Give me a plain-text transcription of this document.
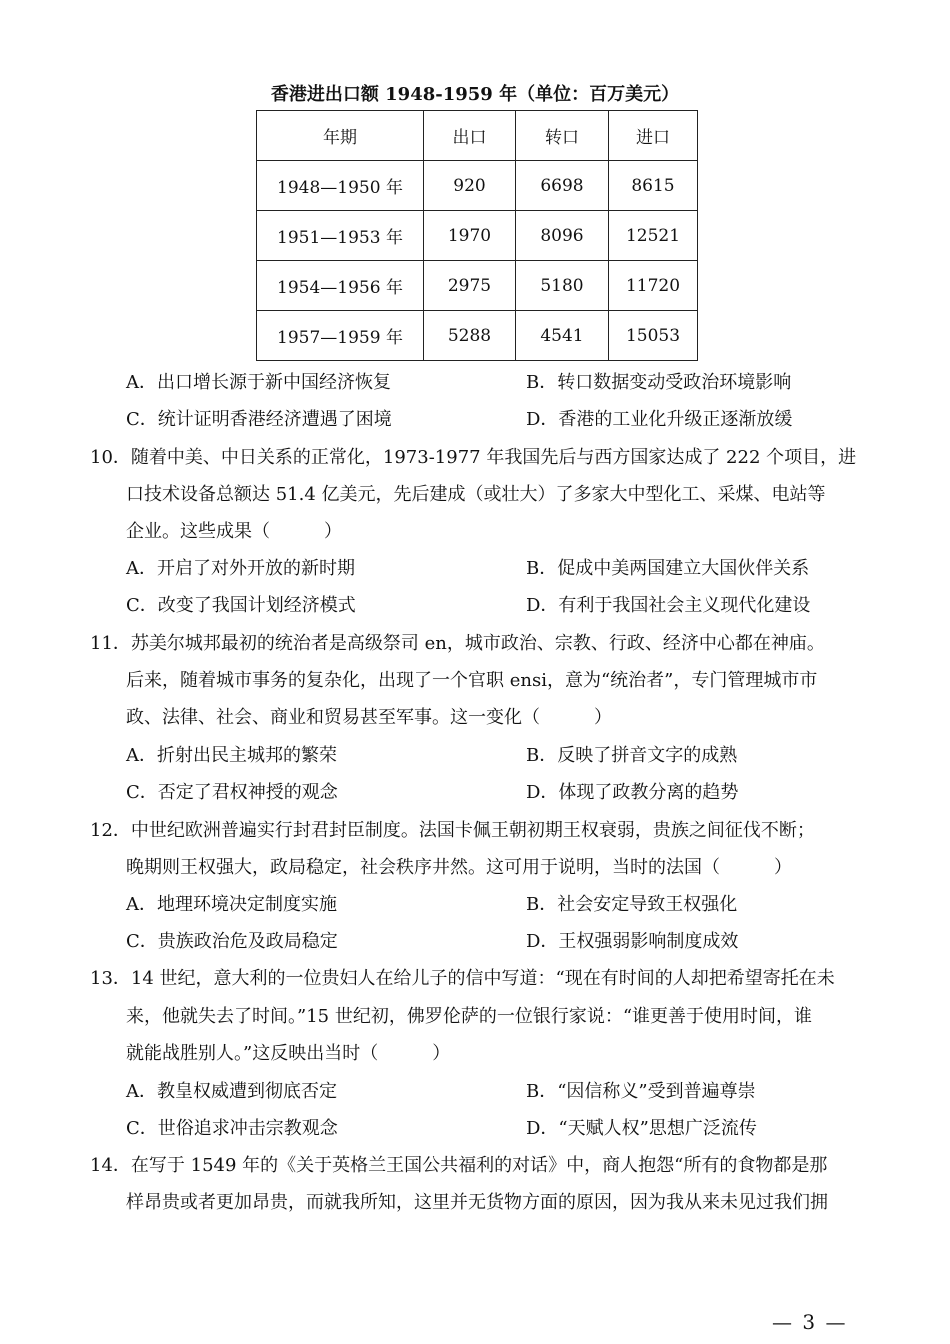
香港进出口额 1948-1959 年（单位：百万美元）
年期	出口	转口	进口
1948—1950 年	920	6698	8615
1951—1953 年	1970	8096	12521
1954—1956 年	2975	5180	11720
1957—1959 年	5288	4541	15053
A．出口增长源于新中国经济恢复	B．转口数据变动受政治环境影响
C．统计证明香港经济遭遇了困境	D．香港的工业化升级正逐渐放缓
10．随着中美、中日关系的正常化，1973-1977 年我国先后与西方国家达成了 222 个项目，进
口技术设备总额达 51.4 亿美元，先后建成（或壮大）了多家大中型化工、采煤、电站等
企业。这些成果（　　　）
A．开启了对外开放的新时期	B．促成中美两国建立大国伙伴关系
C．改变了我国计划经济模式	D．有利于我国社会主义现代化建设
11．苏美尔城邦最初的统治者是高级祭司 en，城市政治、宗教、行政、经济中心都在神庙。
后来，随着城市事务的复杂化，出现了一个官职 ensi，意为“统治者”，专门管理城市市
政、法律、社会、商业和贸易甚至军事。这一变化（　　　）
A．折射出民主城邦的繁荣	B．反映了拼音文字的成熟
C．否定了君权神授的观念	D．体现了政教分离的趋势
12．中世纪欧洲普遍实行封君封臣制度。法国卡佩王朝初期王权衰弱，贵族之间征伐不断；
晚期则王权强大，政局稳定，社会秩序井然。这可用于说明，当时的法国（　　　）
A．地理环境决定制度实施	B．社会安定导致王权强化
C．贵族政治危及政局稳定	D．王权强弱影响制度成效
13．14 世纪，意大利的一位贵妇人在给儿子的信中写道：“现在有时间的人却把希望寄托在未
来，他就失去了时间。”15 世纪初，佛罗伦萨的一位银行家说：“谁更善于使用时间，谁
就能战胜别人。”这反映出当时（　　　）
A．教皇权威遭到彻底否定	B．“因信称义”受到普遍尊崇
C．世俗追求冲击宗教观念	D．“天赋人权”思想广泛流传
14．在写于 1549 年的《关于英格兰王国公共福利的对话》中，商人抱怨“所有的食物都是那
样昂贵或者更加昂贵，而就我所知，这里并无货物方面的原因，因为我从来未见过我们拥
— 3 —
